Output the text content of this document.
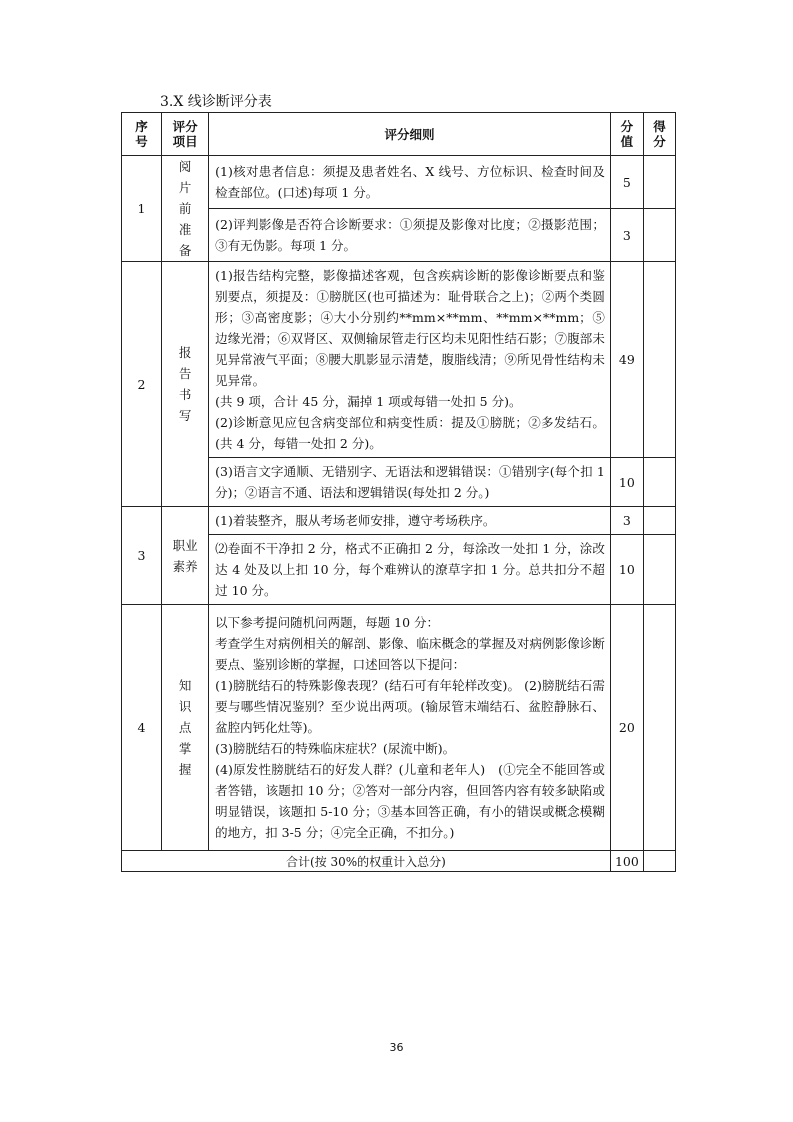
3.X 线诊断评分表
序号	评分项目	评分细则	分值	得分
1	阅片前准备	(1)核对患者信息：须提及患者姓名、X 线号、方位标识、检查时间及检查部位。(口述)每项 1 分。	5	

		(2)评判影像是否符合诊断要求：①须提及影像对比度；②摄影范围；③有无伪影。每项 1 分。	3	
2	报告书写	(1)报告结构完整，影像描述客观，包含疾病诊断的影像诊断要点和鉴别要点，须提及：①膀胱区(也可描述为：耻骨联合之上)；②两个类圆形；③高密度影；④大小分别约**mm×**mm、**mm×**mm；⑤边缘光滑；⑥双肾区、双侧输尿管走行区均未见阳性结石影；⑦腹部未见异常液气平面；⑧腰大肌影显示清楚，腹脂线清；⑨所见骨性结构未见异常。

(共 9 项，合计 45 分，漏掉 1 项或每错一处扣 5 分)。

(2)诊断意见应包含病变部位和病变性质：提及①膀胱；②多发结石。(共 4 分，每错一处扣 2 分)。	49	

		(3)语言文字通顺、无错别字、无语法和逻辑错误：①错别字(每个扣 1 分)；②语言不通、语法和逻辑错误(每处扣 2 分。)	10	
3	职业素养	(1)着装整齐，服从考场老师安排，遵守考场秩序。	3	

		⑵卷面不干净扣 2 分，格式不正确扣 2 分，每涂改一处扣 1 分，涂改达 4 处及以上扣 10 分，每个难辨认的潦草字扣 1 分。总共扣分不超过 10 分。	10	
4	知识点掌握	以下参考提问随机问两题，每题 10 分：

考查学生对病例相关的解剖、影像、临床概念的掌握及对病例影像诊断要点、鉴别诊断的掌握，口述回答以下提问：

(1)膀胱结石的特殊影像表现？(结石可有年轮样改变)。 (2)膀胱结石需要与哪些情况鉴别？至少说出两项。(输尿管末端结石、盆腔静脉石、盆腔内钙化灶等)。

(3)膀胱结石的特殊临床症状？(尿流中断)。

(4)原发性膀胱结石的好发人群？(儿童和老年人)　(①完全不能回答或者答错，该题扣 10 分；②答对一部分内容，但回答内容有较多缺陷或明显错误，该题扣 5-10 分；③基本回答正确，有小的错误或概念模糊的地方，扣 3-5 分；④完全正确，不扣分。)	20	
合计(按 30%的权重计入总分)			100	
36
